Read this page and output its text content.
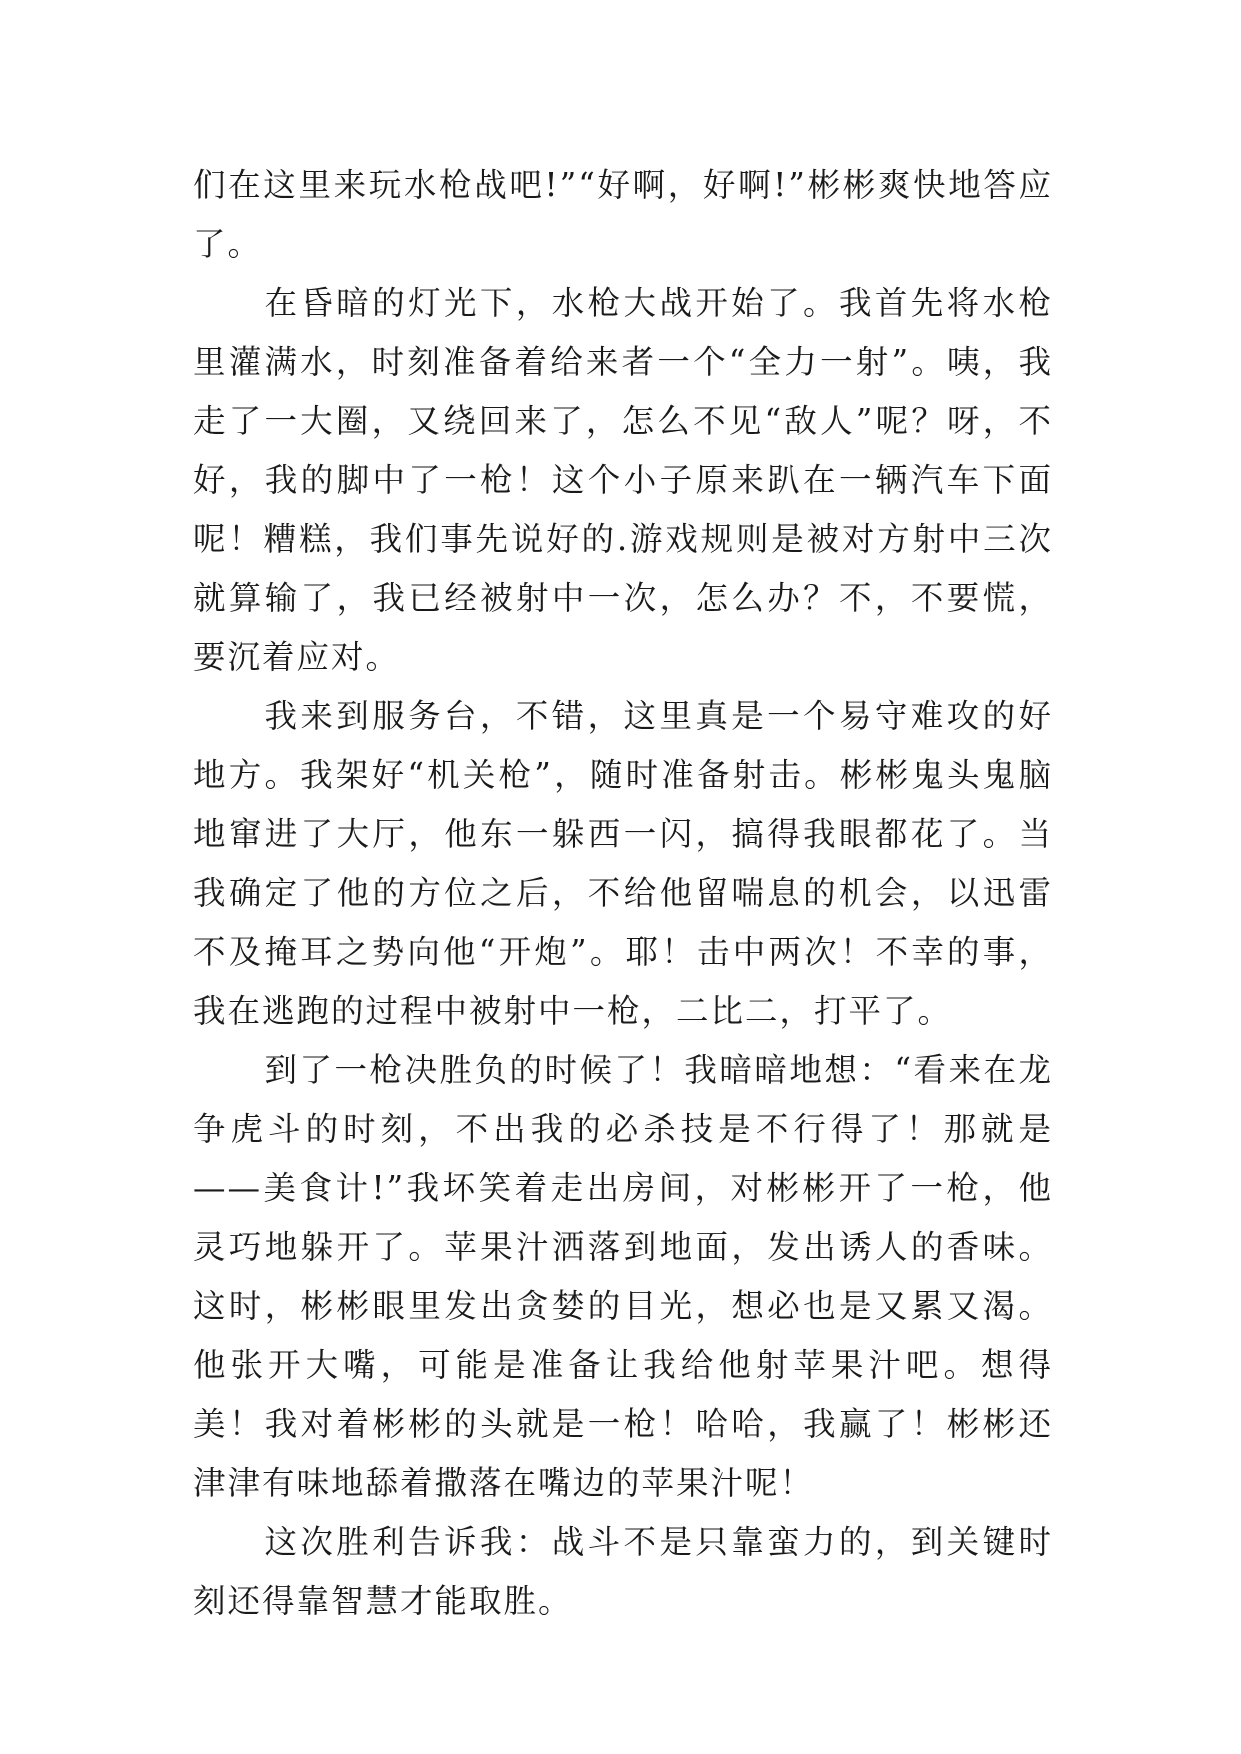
们在这里来玩水枪战吧!”“好啊，好啊!”彬彬爽快地答应了。

在昏暗的灯光下，水枪大战开始了。我首先将水枪里灌满水，时刻准备着给来者一个“全力一射”。咦，我走了一大圈，又绕回来了，怎么不见“敌人”呢？呀，不好，我的脚中了一枪！这个小子原来趴在一辆汽车下面呢！糟糕，我们事先说好的.游戏规则是被对方射中三次就算输了，我已经被射中一次，怎么办？不，不要慌，要沉着应对。

我来到服务台，不错，这里真是一个易守难攻的好地方。我架好“机关枪”，随时准备射击。彬彬鬼头鬼脑地窜进了大厅，他东一躲西一闪，搞得我眼都花了。当我确定了他的方位之后，不给他留喘息的机会，以迅雷不及掩耳之势向他“开炮”。耶！击中两次！不幸的事，我在逃跑的过程中被射中一枪，二比二，打平了。

到了一枪决胜负的时候了！我暗暗地想：“看来在龙争虎斗的时刻，不出我的必杀技是不行得了！那就是——美食计!”我坏笑着走出房间，对彬彬开了一枪，他灵巧地躲开了。苹果汁洒落到地面，发出诱人的香味。这时，彬彬眼里发出贪婪的目光，想必也是又累又渴。他张开大嘴，可能是准备让我给他射苹果汁吧。想得美！我对着彬彬的头就是一枪！哈哈，我赢了！彬彬还津津有味地舔着撒落在嘴边的苹果汁呢！

这次胜利告诉我：战斗不是只靠蛮力的，到关键时刻还得靠智慧才能取胜。
